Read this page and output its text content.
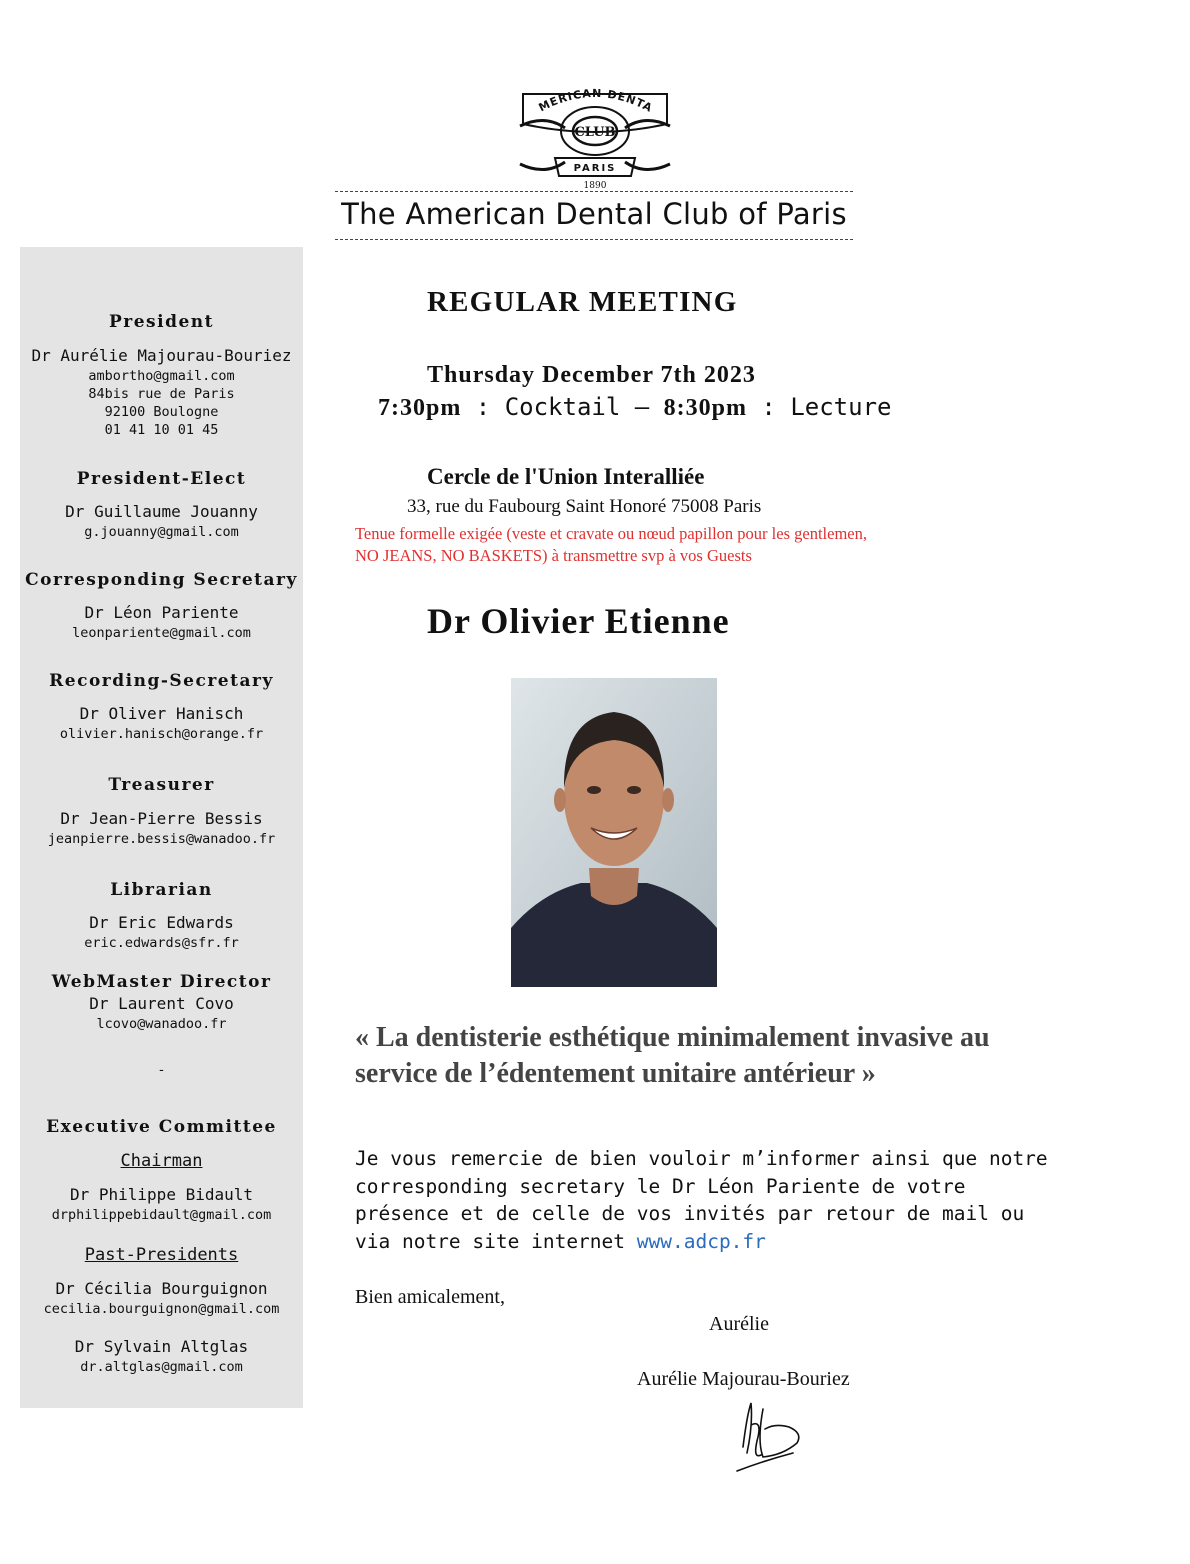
MERICAN DENTA
CLUB
PARIS
1890
The American Dental Club of Paris
President
Dr Aurélie Majourau-Bouriez
ambortho@gmail.com
84bis rue de Paris
92100 Boulogne
01 41 10 01 45
President-Elect
Dr Guillaume Jouanny
g.jouanny@gmail.com
Corresponding Secretary
Dr Léon Pariente
leonpariente@gmail.com
Recording-Secretary
Dr Oliver Hanisch
olivier.hanisch@orange.fr
Treasurer
Dr Jean-Pierre Bessis
jeanpierre.bessis@wanadoo.fr
Librarian
Dr Eric Edwards
eric.edwards@sfr.fr
WebMaster Director
Dr Laurent Covo
lcovo@wanadoo.fr
-
Executive Committee
Chairman
Dr Philippe Bidault
drphilippebidault@gmail.com
Past-Presidents
Dr Cécilia Bourguignon
cecilia.bourguignon@gmail.com
Dr Sylvain Altglas
dr.altglas@gmail.com
REGULAR MEETING
Thursday December 7th 2023
7:30pm : Cocktail – 8:30pm : Lecture
Cercle de l'Union Interalliée
33, rue du Faubourg Saint Honoré 75008 Paris
Tenue formelle exigée (veste et cravate ou nœud papillon pour les gentlemen,
NO JEANS, NO BASKETS) à transmettre svp à vos Guests
Dr Olivier Etienne
« La dentisterie esthétique minimalement invasive au service de l’édentement unitaire antérieur »
Je vous remercie de bien vouloir m’informer ainsi que notre corresponding secretary le Dr Léon Pariente de votre présence et de celle de vos invités par retour de mail ou via notre site internet www.adcp.fr
Bien amicalement,
Aurélie
Aurélie Majourau-Bouriez
